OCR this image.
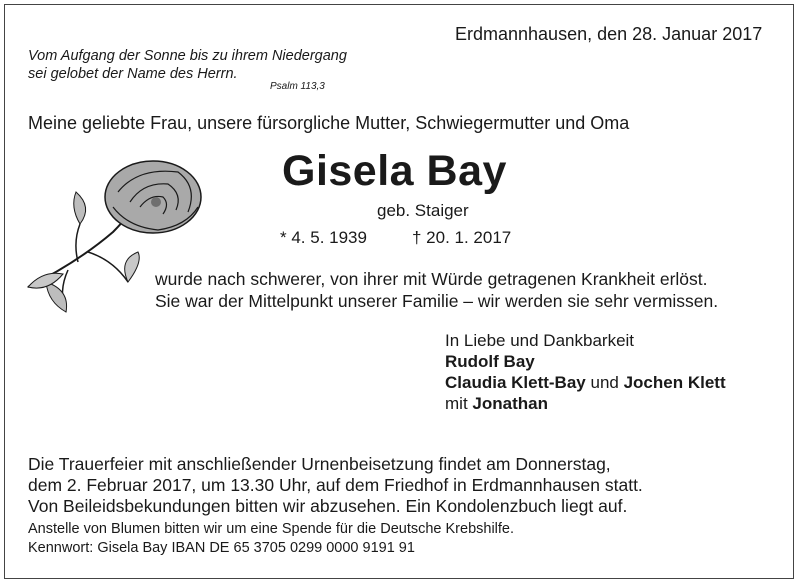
Erdmannhausen, den 28. Januar 2017
Vom Aufgang der Sonne bis zu ihrem Niedergang
sei gelobet der Name des Herrn.
Psalm 113,3
Meine geliebte Frau, unsere fürsorgliche Mutter, Schwiegermutter und Oma
Gisela Bay
geb. Staiger
* 4. 5. 1939	† 20. 1. 2017
wurde nach schwerer, von ihrer mit Würde getragenen Krankheit erlöst.
Sie war der Mittelpunkt unserer Familie – wir werden sie sehr vermissen.
In Liebe und Dankbarkeit
Rudolf Bay
Claudia Klett-Bay und Jochen Klett
mit Jonathan
Die Trauerfeier mit anschließender Urnenbeisetzung findet am Donnerstag,
dem 2. Februar 2017, um 13.30 Uhr, auf dem Friedhof in Erdmannhausen statt.
Von Beileidsbekundungen bitten wir abzusehen. Ein Kondolenzbuch liegt auf.
Anstelle von Blumen bitten wir um eine Spende für die Deutsche Krebshilfe.
Kennwort: Gisela Bay IBAN DE 65 3705 0299 0000 9191 91
